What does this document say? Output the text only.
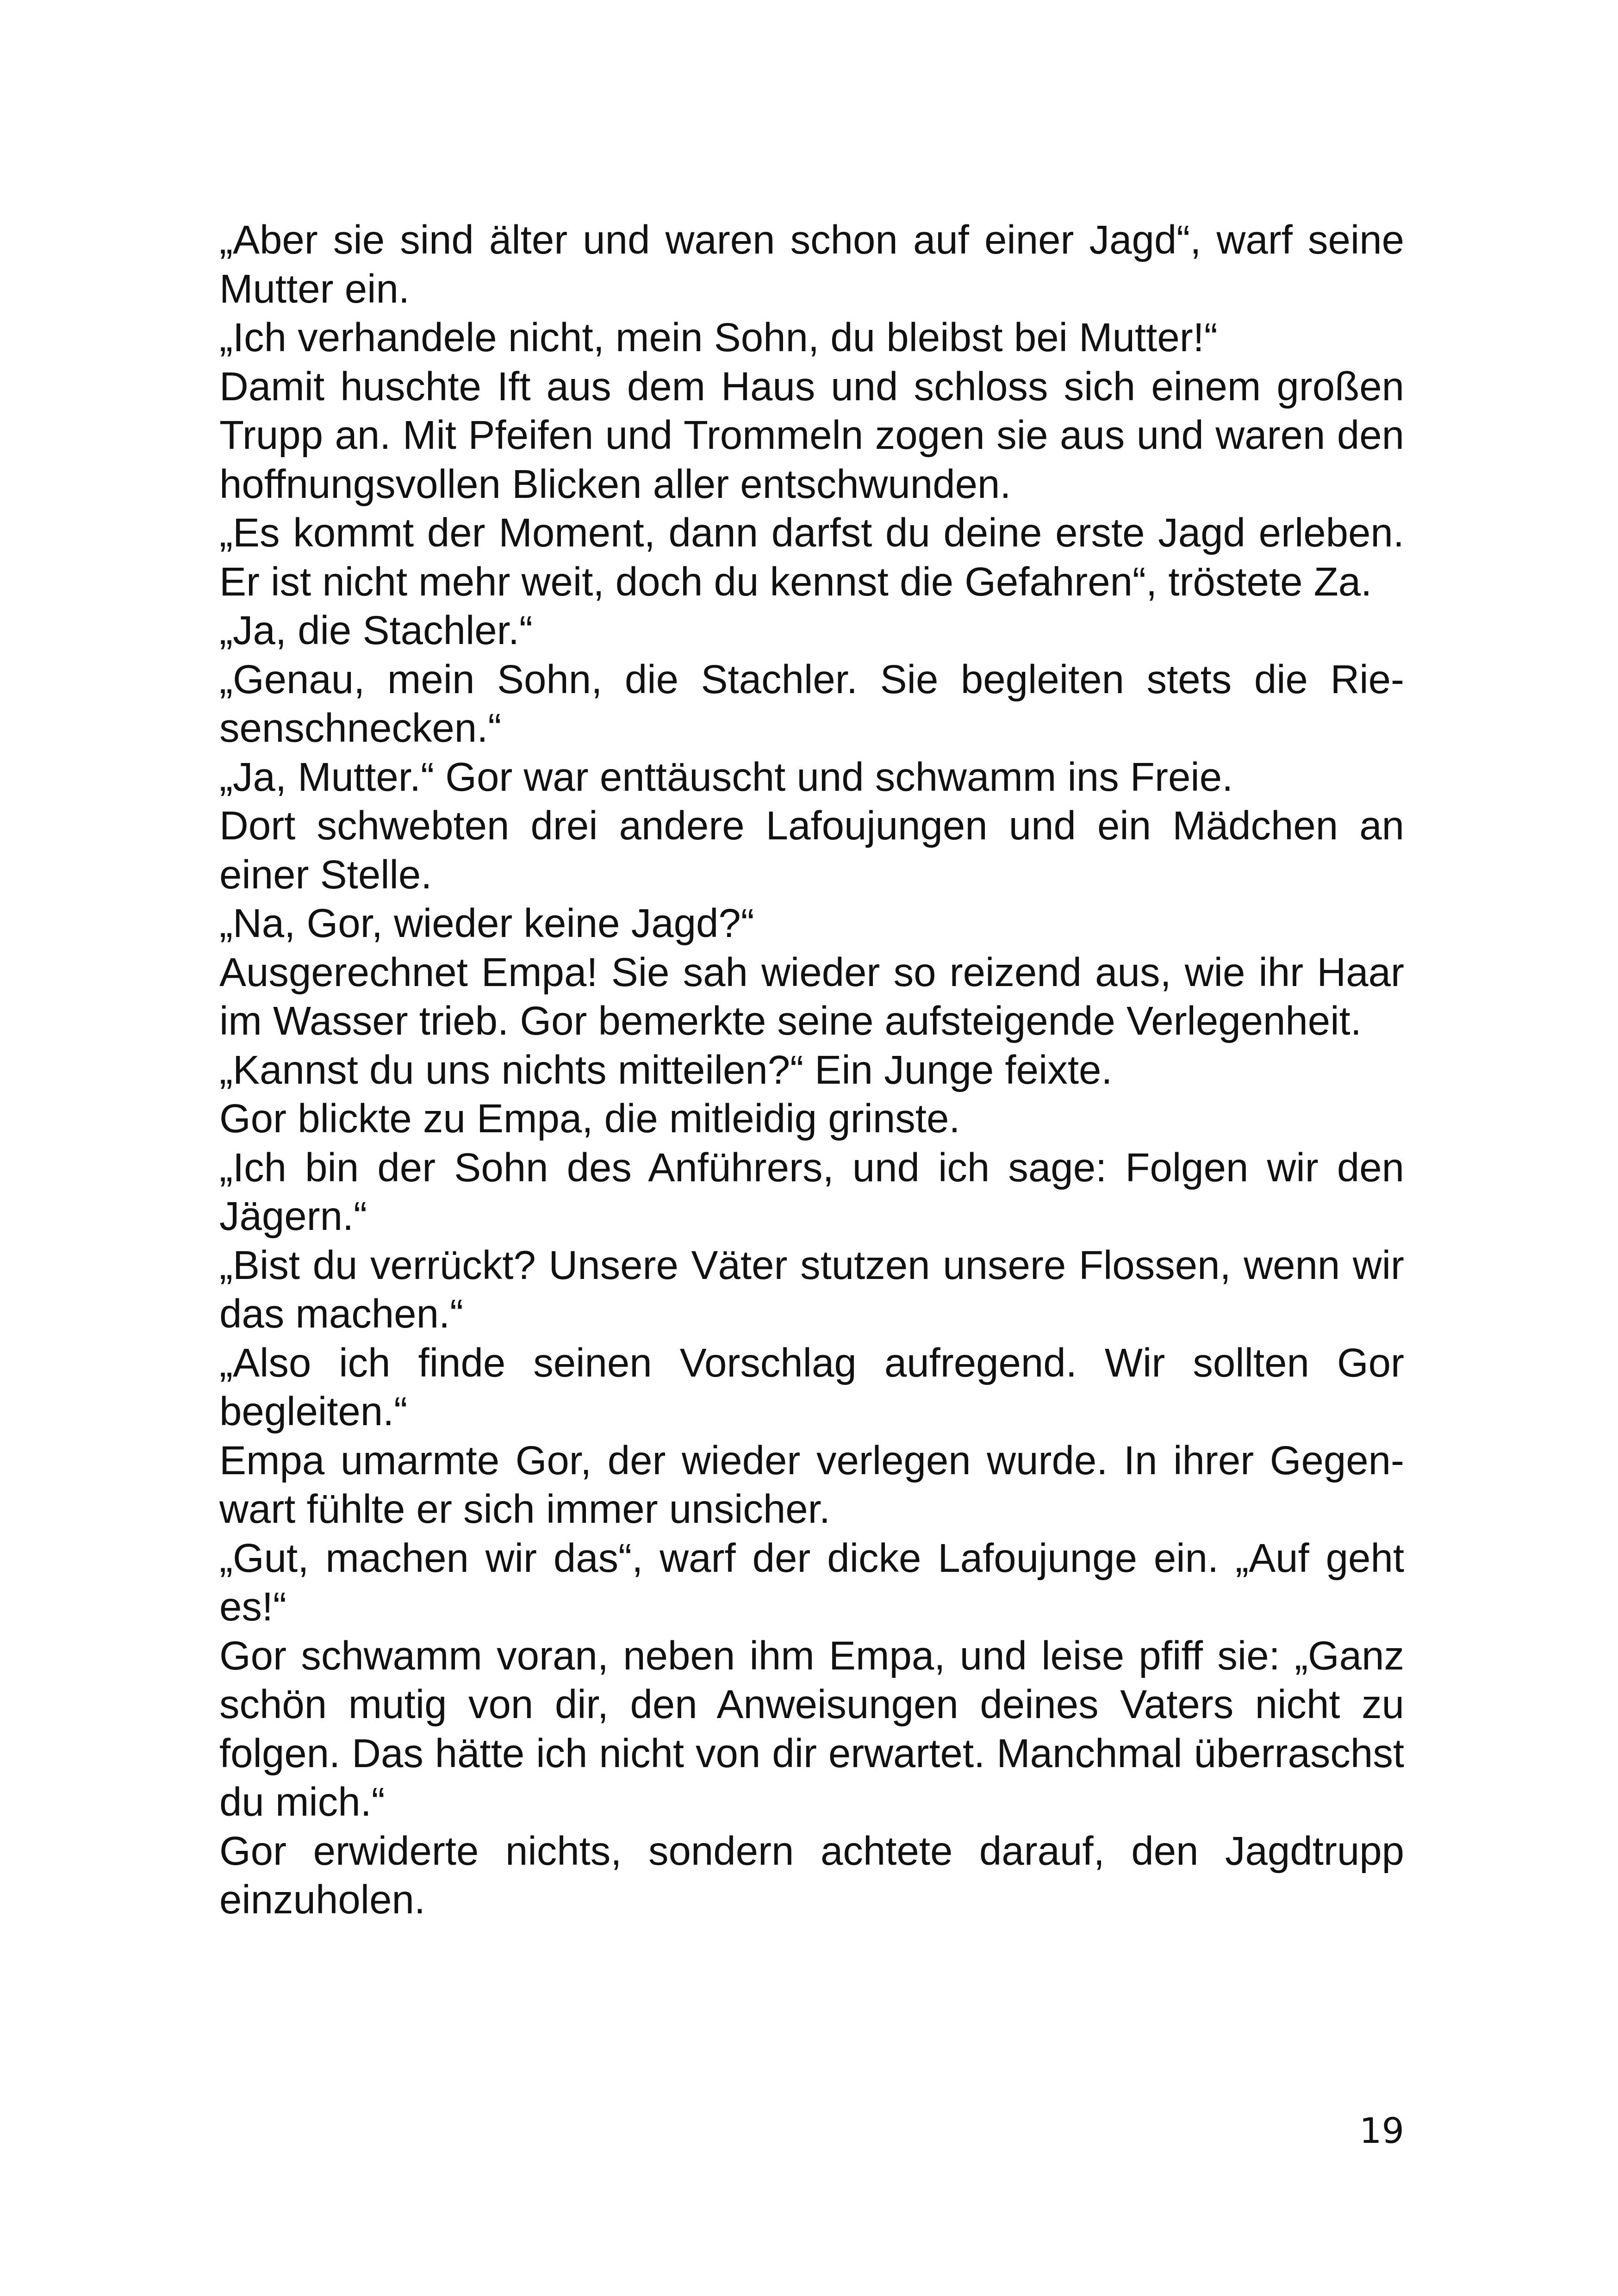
„Aber sie sind älter und waren schon auf einer Jagd“, warf seine Mutter ein.

„Ich verhandele nicht, mein Sohn, du bleibst bei Mutter!“

Damit huschte Ift aus dem Haus und schloss sich einem großen Trupp an. Mit Pfeifen und Trommeln zogen sie aus und waren den hoffnungsvollen Blicken aller entschwunden.

„Es kommt der Moment, dann darfst du deine erste Jagd erleben. Er ist nicht mehr weit, doch du kennst die Gefahren“, tröstete Za.

„Ja, die Stachler.“

„Genau, mein Sohn, die Stachler. Sie begleiten stets die Riesenschnecken.“

„Ja, Mutter.“ Gor war enttäuscht und schwamm ins Freie.

Dort schwebten drei andere Lafoujungen und ein Mädchen an einer Stelle.

„Na, Gor, wieder keine Jagd?“

Ausgerechnet Empa! Sie sah wieder so reizend aus, wie ihr Haar im Wasser trieb. Gor bemerkte seine aufsteigende Verlegenheit.

„Kannst du uns nichts mitteilen?“ Ein Junge feixte.

Gor blickte zu Empa, die mitleidig grinste.

„Ich bin der Sohn des Anführers, und ich sage: Folgen wir den Jägern.“

„Bist du verrückt? Unsere Väter stutzen unsere Flossen, wenn wir das machen.“

„Also ich finde seinen Vorschlag aufregend. Wir sollten Gor begleiten.“

Empa umarmte Gor, der wieder verlegen wurde. In ihrer Gegenwart fühlte er sich immer unsicher.

„Gut, machen wir das“, warf der dicke Lafoujunge ein. „Auf geht es!“

Gor schwamm voran, neben ihm Empa, und leise pfiff sie: „Ganz schön mutig von dir, den Anweisungen deines Vaters nicht zu folgen. Das hätte ich nicht von dir erwartet. Manchmal überraschst du mich.“

Gor erwiderte nichts, sondern achtete darauf, den Jagdtrupp einzuholen.

19
